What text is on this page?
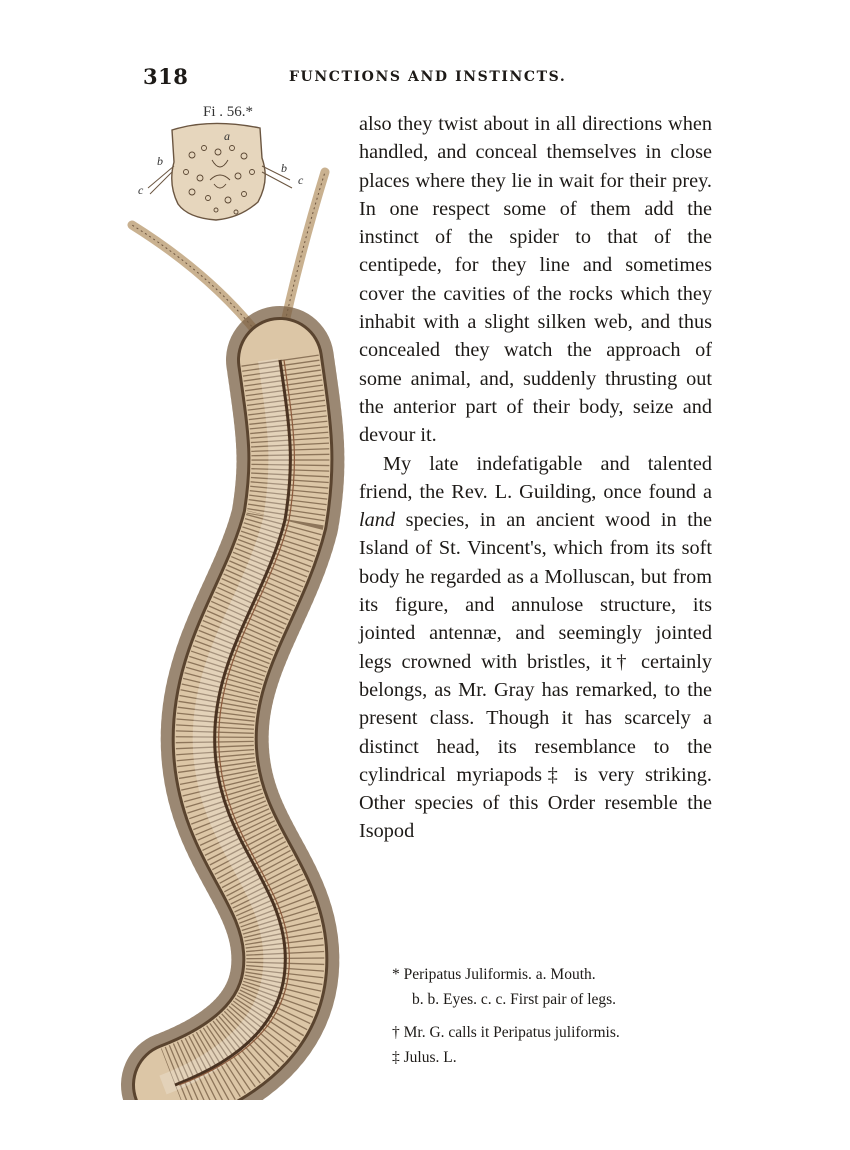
318	FUNCTIONS AND INSTINCTS.
Fi . 56.*
a
b	b
c
c

also they twist about in all directions when handled, and conceal themselves in close places where they lie in wait for their prey. In one respect some of them add the instinct of the spider to that of the centipede, for they line and sometimes cover the cavities of the rocks which they inhabit with a slight silken web, and thus concealed they watch the approach of some animal, and, suddenly thrusting out the anterior part of their body, seize and devour it.

My late indefatigable and talented friend, the Rev. L. Guilding, once found a land species, in an ancient wood in the Island of St. Vincent's, which from its soft body he regarded as a Molluscan, but from its figure, and annulose structure, its jointed antennæ, and seemingly jointed legs crowned with bristles, it† certainly belongs, as Mr. Gray has remarked, to the present class. Though it has scarcely a distinct head, its resemblance to the cylindrical myriapods‡ is very striking. Other species of this Order resemble the Isopod

* Peripatus Juliformis. a. Mouth.

b. b. Eyes. c. c. First pair of legs.

† Mr. G. calls it Peripatus juliformis.

‡ Julus. L.
